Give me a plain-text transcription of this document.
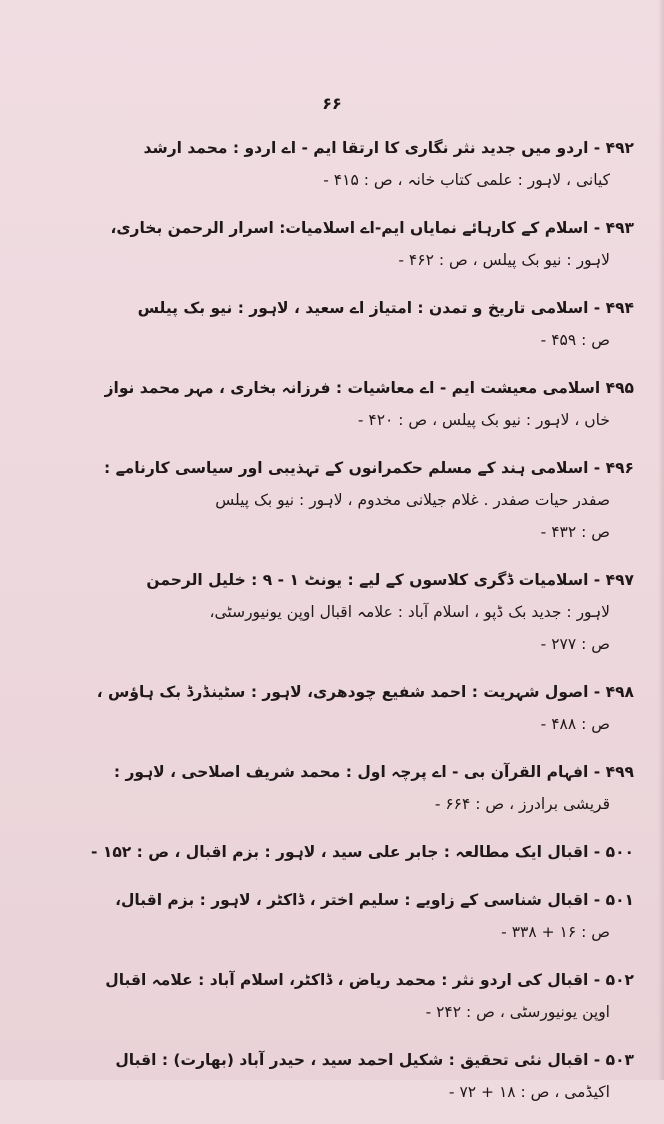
۶۶
۴۹۲ - اردو میں جدید نثر نگاری کا ارتقا ایم - اے اردو : محمد ارشد
کیانی ، لاہور : علمی کتاب خانہ ، ص : ۴۱۵ -
۴۹۳ - اسلام کے کارہائے نمایاں ایم-اے اسلامیات: اسرار الرحمن بخاری،
لاہور : نیو بک پیلس ، ص : ۴۶۲ -
۴۹۴ - اسلامی تاریخ و تمدن : امتیاز اے سعید ، لاہور : نیو بک پیلس
ص : ۴۵۹ -
۴۹۵ اسلامی معیشت ایم - اے معاشیات : فرزانہ بخاری ، مہر محمد نواز
خاں ، لاہور : نیو بک پیلس ، ص : ۴۲۰ -
۴۹۶ - اسلامی ہند کے مسلم حکمرانوں کے تہذیبی اور سیاسی کارنامے :
صفدر حیات صفدر . غلام جیلانی مخدوم ، لاہور : نیو بک پیلس
ص : ۴۳۲ -
۴۹۷ - اسلامیات ڈگری کلاسوں کے لیے : یونٹ ۱ - ۹ : خلیل الرحمن
لاہور : جدید بک ڈپو ، اسلام آباد : علامہ اقبال اوپن یونیورسٹی،
ص : ۲۷۷ -
۴۹۸ - اصول شہریت : احمد شفیع چودھری، لاہور : سٹینڈرڈ بک ہاؤس ،
ص : ۴۸۸ -
۴۹۹ - افہام القرآن بی - اے پرچہ اول : محمد شریف اصلاحی ، لاہور :
قریشی برادرز ، ص : ۶۶۴ -
۵۰۰ - اقبال ایک مطالعہ : جابر علی سید ، لاہور : بزم اقبال ، ص : ۱۵۲ -
۵۰۱ - اقبال شناسی کے زاویے : سلیم اختر ، ڈاکٹر ، لاہور : بزم اقبال،
ص : ۱۶ + ۳۳۸ -
۵۰۲ - اقبال کی اردو نثر : محمد ریاض ، ڈاکٹر، اسلام آباد : علامہ اقبال
اوپن یونیورسٹی ، ص : ۲۴۲ -
۵۰۳ - اقبال نئی تحقیق : شکیل احمد سید ، حیدر آباد (بھارت) : اقبال
اکیڈمی ، ص : ۱۸ + ۷۲ -
